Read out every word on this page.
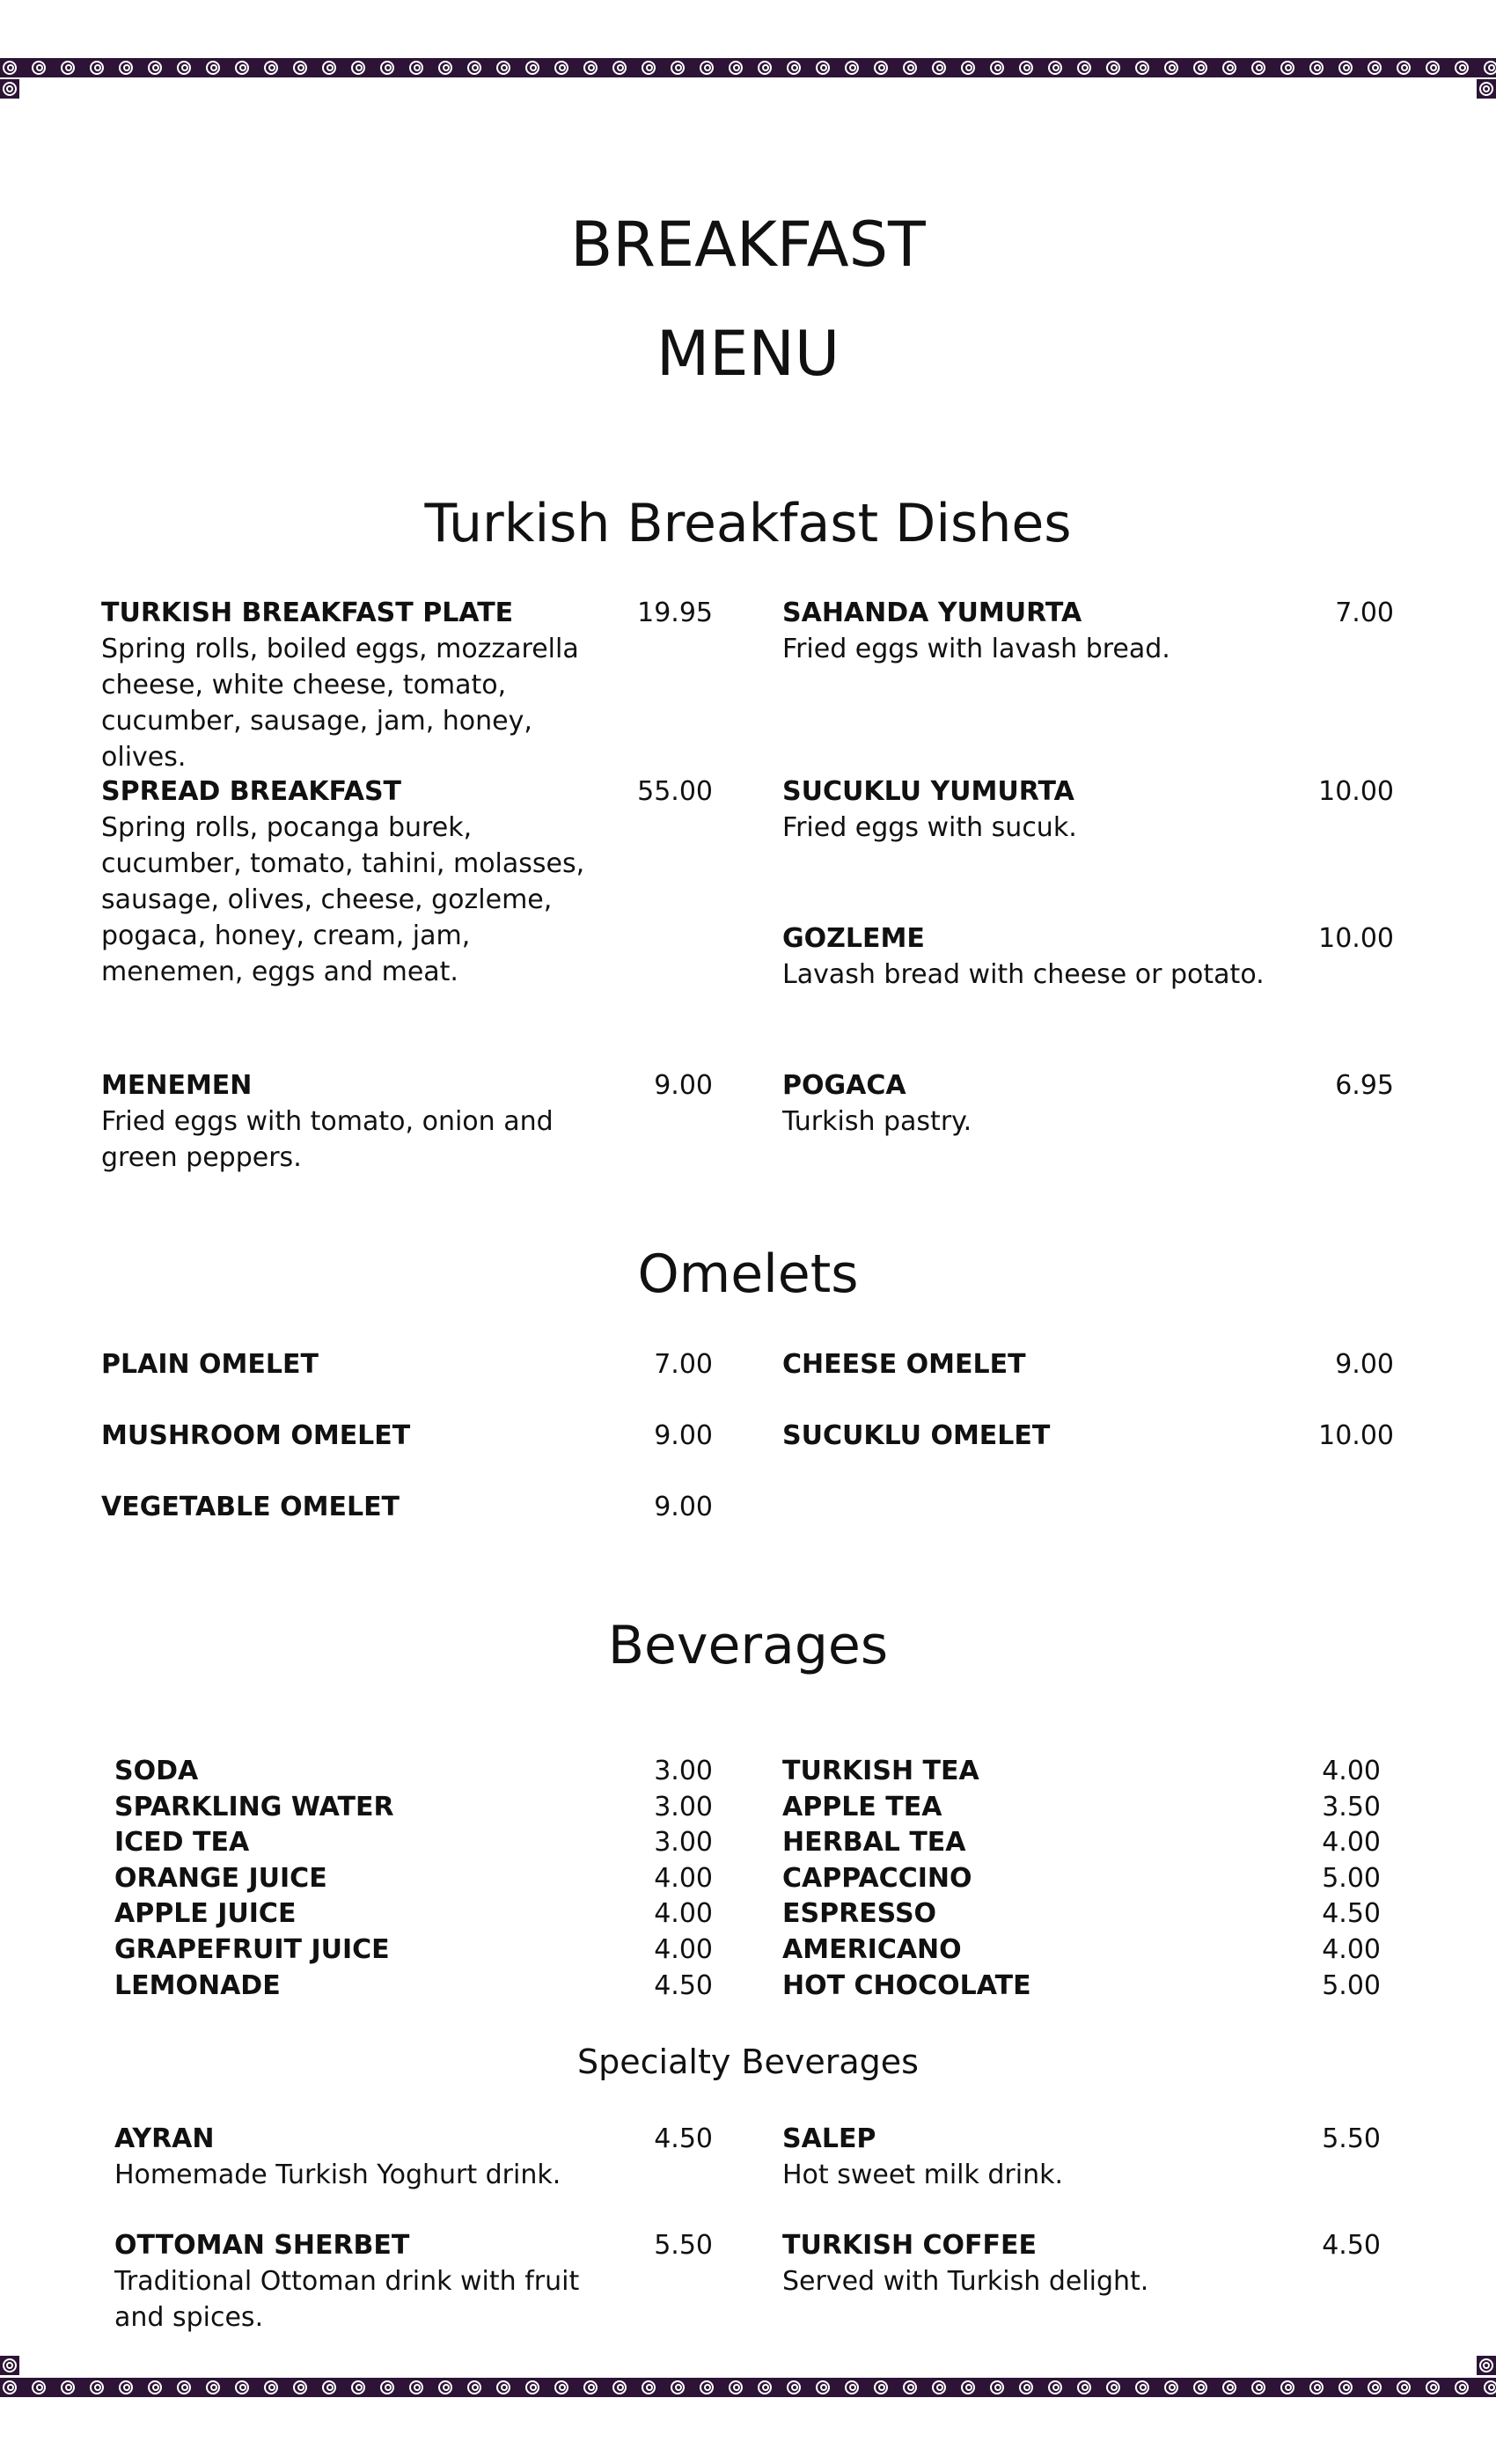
BREAKFAST
MENU
Turkish Breakfast Dishes
TURKISH BREAKFAST PLATE	19.95
Spring rolls, boiled eggs, mozzarella cheese, white cheese, tomato, cucumber, sausage, jam, honey, olives.
SAHANDA YUMURTA	7.00
Fried eggs with lavash bread.
SPREAD BREAKFAST	55.00
Spring rolls, pocanga burek, cucumber, tomato, tahini, molasses, sausage, olives, cheese, gozleme, pogaca, honey, cream, jam, menemen, eggs and meat.
SUCUKLU YUMURTA	10.00
Fried eggs with sucuk.
GOZLEME	10.00
Lavash bread with cheese or potato.
MENEMEN	9.00
Fried eggs with tomato, onion and green peppers.
POGACA	6.95
Turkish pastry.
Omelets
PLAIN OMELET	7.00	CHEESE OMELET	9.00
MUSHROOM OMELET	9.00	SUCUKLU OMELET	10.00
VEGETABLE OMELET	9.00
Beverages
SODA	3.00
SPARKLING WATER	3.00
ICED TEA	3.00
ORANGE JUICE	4.00
APPLE JUICE	4.00
GRAPEFRUIT JUICE	4.00
LEMONADE	4.50
TURKISH TEA	4.00
APPLE TEA	3.50
HERBAL TEA	4.00
CAPPACCINO	5.00
ESPRESSO	4.50
AMERICANO	4.00
HOT CHOCOLATE	5.00
Specialty Beverages
AYRAN	4.50
Homemade Turkish Yoghurt drink.
SALEP	5.50
Hot sweet milk drink.
OTTOMAN SHERBET	5.50
Traditional Ottoman drink with fruit and spices.
TURKISH COFFEE	4.50
Served with Turkish delight.
